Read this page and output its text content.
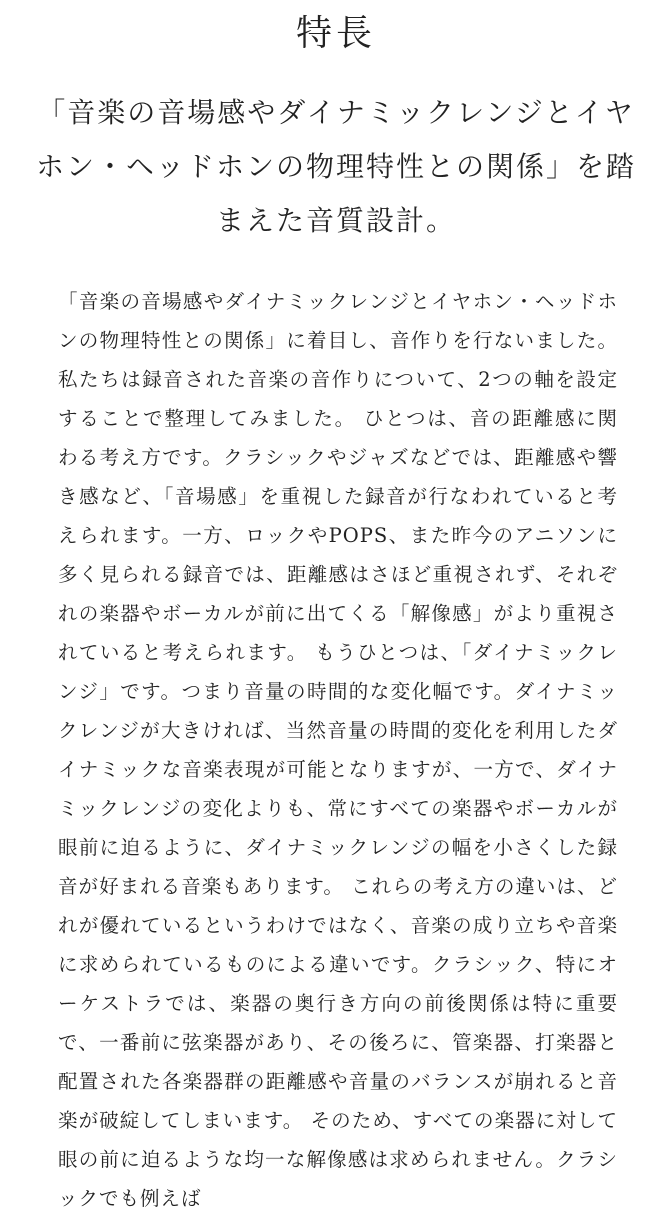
特長
「音楽の音場感やダイナミックレンジとイヤホン・ヘッドホンの物理特性との関係」を踏まえた音質設計。

「音楽の音場感やダイナミックレンジとイヤホン・ヘッドホンの物理特性との関係」に着目し、音作りを行ないました。私たちは録音された音楽の音作りについて、2つの軸を設定することで整理してみました。 ひとつは、音の距離感に関わる考え方です。クラシックやジャズなどでは、距離感や響き感など、「音場感」を重視した録音が行なわれていると考えられます。一方、ロックやPOPS、また昨今のアニソンに多く見られる録音では、距離感はさほど重視されず、それぞれの楽器やボーカルが前に出てくる「解像感」がより重視されていると考えられます。 もうひとつは、「ダイナミックレンジ」です。つまり音量の時間的な変化幅です。ダイナミックレンジが大きければ、当然音量の時間的変化を利用したダイナミックな音楽表現が可能となりますが、一方で、ダイナミックレンジの変化よりも、常にすべての楽器やボーカルが眼前に迫るように、ダイナミックレンジの幅を小さくした録音が好まれる音楽もあります。 これらの考え方の違いは、どれが優れているというわけではなく、音楽の成り立ちや音楽に求められているものによる違いです。クラシック、特にオーケストラでは、楽器の奥行き方向の前後関係は特に重要で、一番前に弦楽器があり、その後ろに、管楽器、打楽器と配置された各楽器群の距離感や音量のバランスが崩れると音楽が破綻してしまいます。 そのため、すべての楽器に対して眼の前に迫るような均一な解像感は求められません。クラシックでも例えば
